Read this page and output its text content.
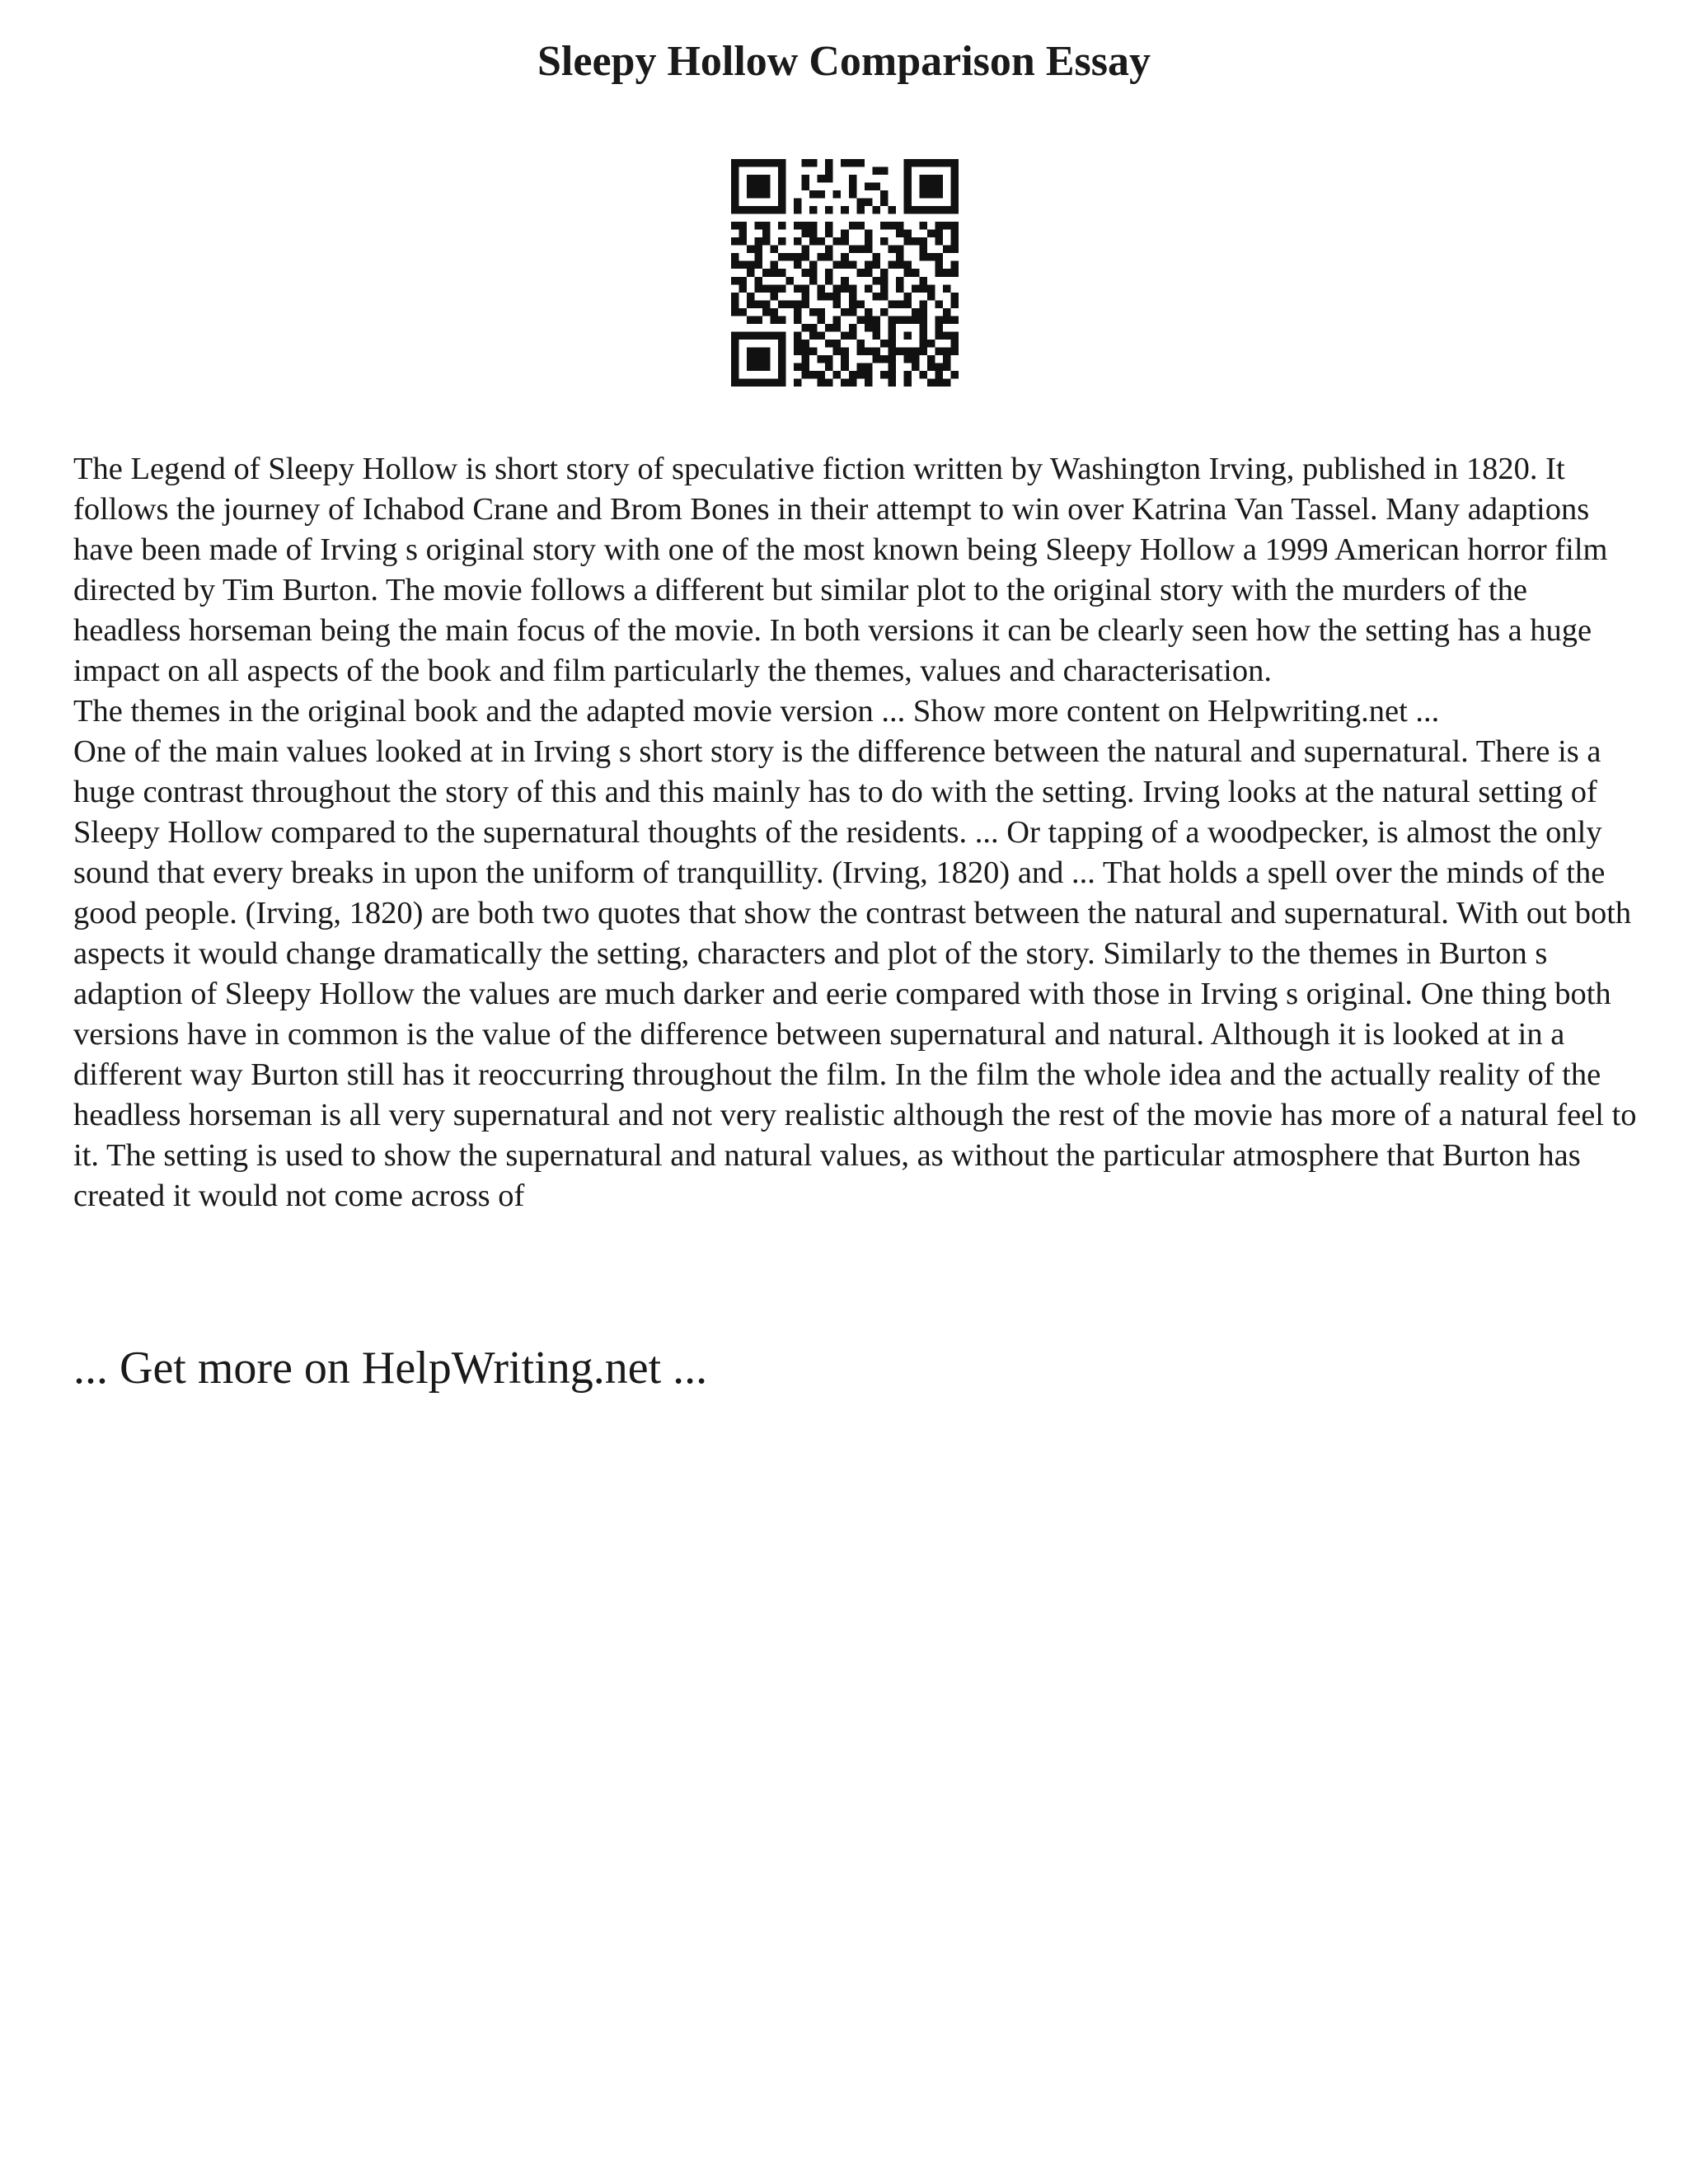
Sleepy Hollow Comparison Essay

The Legend of Sleepy Hollow is short story of speculative fiction written by Washington Irving, published in 1820. It follows the journey of Ichabod Crane and Brom Bones in their attempt to win over Katrina Van Tassel. Many adaptions have been made of Irving s original story with one of the most known being Sleepy Hollow a 1999 American horror film directed by Tim Burton. The movie follows a different but similar plot to the original story with the murders of the headless horseman being the main focus of the movie. In both versions it can be clearly seen how the setting has a huge impact on all aspects of the book and film particularly the themes, values and characterisation.

The themes in the original book and the adapted movie version ... Show more content on Helpwriting.net ...

One of the main values looked at in Irving s short story is the difference between the natural and supernatural. There is a huge contrast throughout the story of this and this mainly has to do with the setting. Irving looks at the natural setting of Sleepy Hollow compared to the supernatural thoughts of the residents. ... Or tapping of a woodpecker, is almost the only sound that every breaks in upon the uniform of tranquillity. (Irving, 1820) and ... That holds a spell over the minds of the good people. (Irving, 1820) are both two quotes that show the contrast between the natural and supernatural. With out both aspects it would change dramatically the setting, characters and plot of the story. Similarly to the themes in Burton s adaption of Sleepy Hollow the values are much darker and eerie compared with those in Irving s original. One thing both versions have in common is the value of the difference between supernatural and natural. Although it is looked at in a different way Burton still has it reoccurring throughout the film. In the film the whole idea and the actually reality of the headless horseman is all very supernatural and not very realistic although the rest of the movie has more of a natural feel to it. The setting is used to show the supernatural and natural values, as without the particular atmosphere that Burton has created it would not come across of

... Get more on HelpWriting.net ...
